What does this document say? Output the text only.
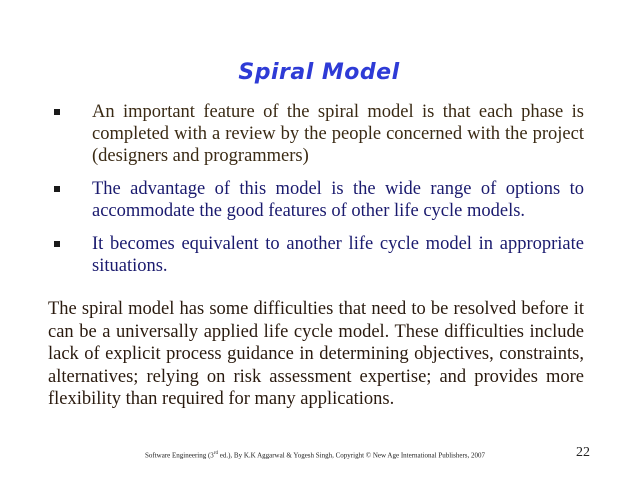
Spiral Model
An important feature of the spiral model is that each phase is completed with a review by the people concerned with the project (designers and programmers)
The advantage of this model is the wide range of options to accommodate the good features of other life cycle models.
It becomes equivalent to another life cycle model in appropriate situations.

The spiral model has some difficulties that need to be resolved before it can be a universally applied life cycle model. These difficulties include lack of explicit process guidance in determining objectives, constraints, alternatives; relying on risk assessment expertise; and provides more flexibility than required for many applications.

Software Engineering (3rd ed.), By K.K Aggarwal & Yogesh Singh, Copyright © New Age International Publishers, 2007	22
